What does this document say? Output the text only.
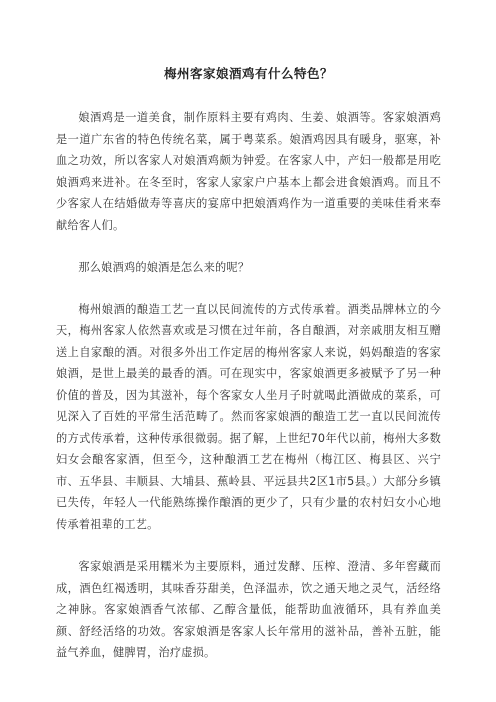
梅州客家娘酒鸡有什么特色？

娘酒鸡是一道美食，制作原料主要有鸡肉、生姜、娘酒等。客家娘酒鸡是一道广东省的特色传统名菜，属于粤菜系。娘酒鸡因具有暖身，驱寒，补血之功效，所以客家人对娘酒鸡颇为钟爱。在客家人中，产妇一般都是用吃娘酒鸡来进补。在冬至时，客家人家家户户基本上都会进食娘酒鸡。而且不少客家人在结婚做寿等喜庆的宴席中把娘酒鸡作为一道重要的美味佳肴来奉献给客人们。

那么娘酒鸡的娘酒是怎么来的呢？

梅州娘酒的酿造工艺一直以民间流传的方式传承着。酒类品牌林立的今天，梅州客家人依然喜欢或是习惯在过年前，各自酿酒，对亲戚朋友相互赠送上自家酿的酒。对很多外出工作定居的梅州客家人来说，妈妈酿造的客家娘酒，是世上最美的最香的酒。可在现实中，客家娘酒更多被赋予了另一种价值的普及，因为其滋补，每个客家女人坐月子时就喝此酒做成的菜系，可见深入了百姓的平常生活范畴了。然而客家娘酒的酿造工艺一直以民间流传的方式传承着，这种传承很微弱。据了解，上世纪70年代以前，梅州大多数妇女会酿客家酒，但至今，这种酿酒工艺在梅州（梅江区、梅县区、兴宁市、五华县、丰顺县、大埔县、蕉岭县、平远县共2区1市5县。）大部分乡镇已失传，年轻人一代能熟练操作酿酒的更少了，只有少量的农村妇女小心地传承着祖辈的工艺。

客家娘酒是采用糯米为主要原料，通过发酵、压榨、澄清、多年窖藏而成，酒色红褐透明，其味香芬甜美，色泽温赤，饮之通天地之灵气，活经络之神脉。客家娘酒香气浓郁、乙醇含量低，能帮助血液循环，具有养血美颜、舒经活络的功效。客家娘酒是客家人长年常用的滋补品，善补五脏，能益气养血，健脾胃，治疗虚损。
